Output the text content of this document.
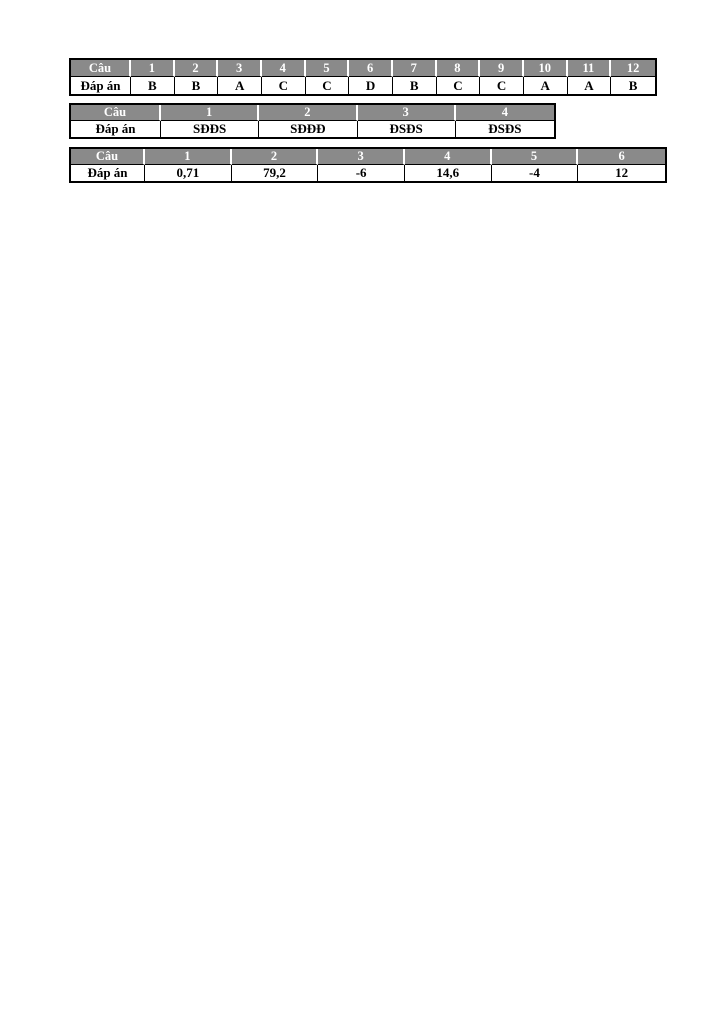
Câu	1	2	3	4	5	6	7	8	9	10	11	12
Đáp án	B	B	A	C	C	D	B	C	C	A	A	B
Câu	1	2	3	4
Đáp án	SĐĐS	SĐĐĐ	ĐSĐS	ĐSĐS
Câu	1	2	3	4	5	6
Đáp án	0,71	79,2	-6	14,6	-4	12
